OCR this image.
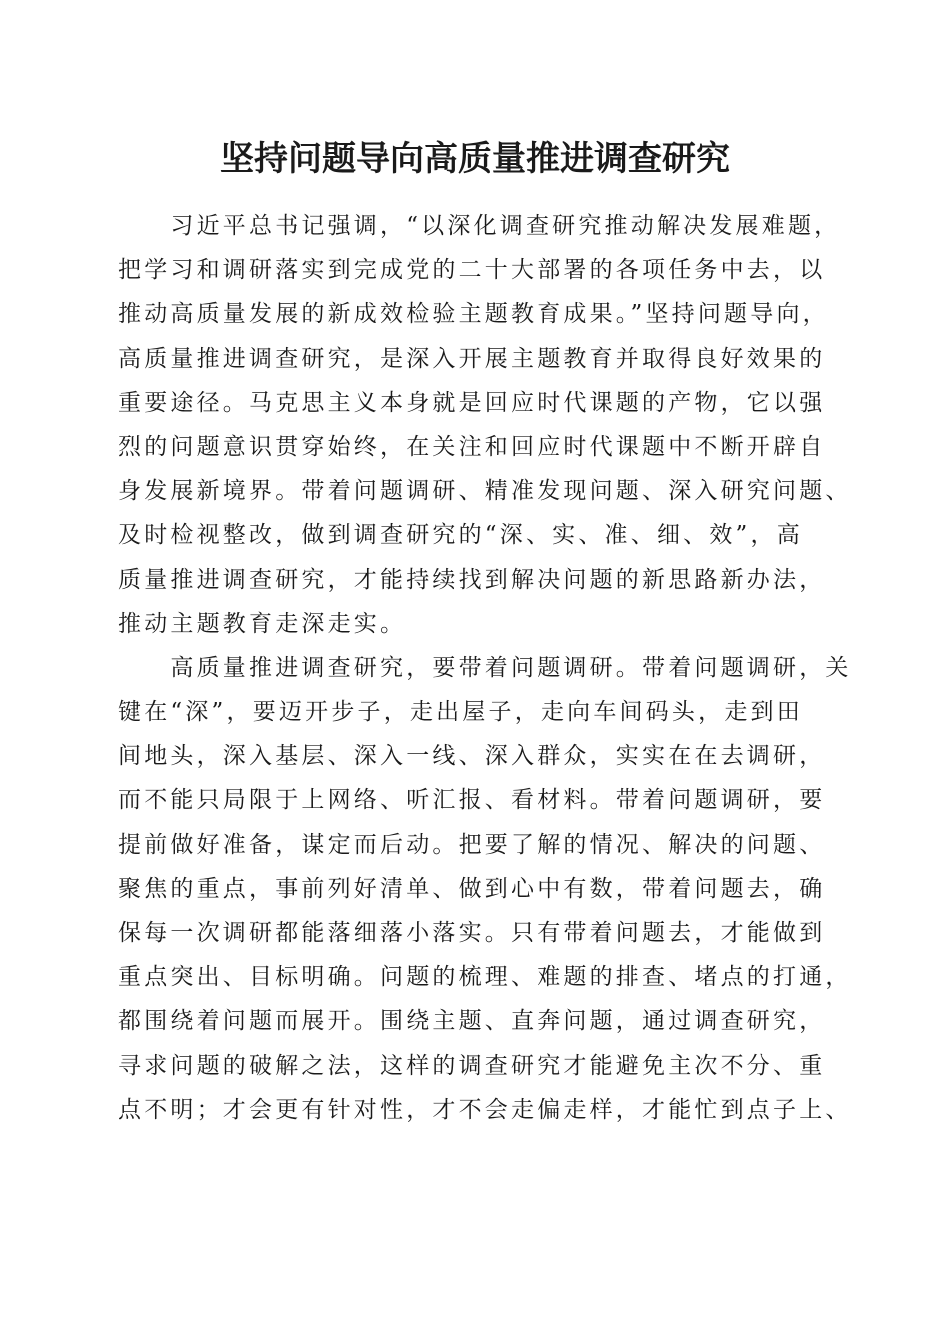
坚持问题导向高质量推进调查研究

　　习近平总书记强调，“以深化调查研究推动解决发展难题，
把学习和调研落实到完成党的二十大部署的各项任务中去，以
推动高质量发展的新成效检验主题教育成果。”坚持问题导向，
高质量推进调查研究，是深入开展主题教育并取得良好效果的
重要途径。马克思主义本身就是回应时代课题的产物，它以强
烈的问题意识贯穿始终，在关注和回应时代课题中不断开辟自
身发展新境界。带着问题调研、精准发现问题、深入研究问题、
及时检视整改，做到调查研究的“深、实、准、细、效”，高
质量推进调查研究，才能持续找到解决问题的新思路新办法，
推动主题教育走深走实。

　　高质量推进调查研究，要带着问题调研。带着问题调研，关
键在“深”，要迈开步子，走出屋子，走向车间码头，走到田
间地头，深入基层、深入一线、深入群众，实实在在去调研，
而不能只局限于上网络、听汇报、看材料。带着问题调研，要
提前做好准备，谋定而后动。把要了解的情况、解决的问题、
聚焦的重点，事前列好清单、做到心中有数，带着问题去，确
保每一次调研都能落细落小落实。只有带着问题去，才能做到
重点突出、目标明确。问题的梳理、难题的排查、堵点的打通，
都围绕着问题而展开。围绕主题、直奔问题，通过调查研究，
寻求问题的破解之法，这样的调查研究才能避免主次不分、重
点不明；才会更有针对性，才不会走偏走样，才能忙到点子上、
